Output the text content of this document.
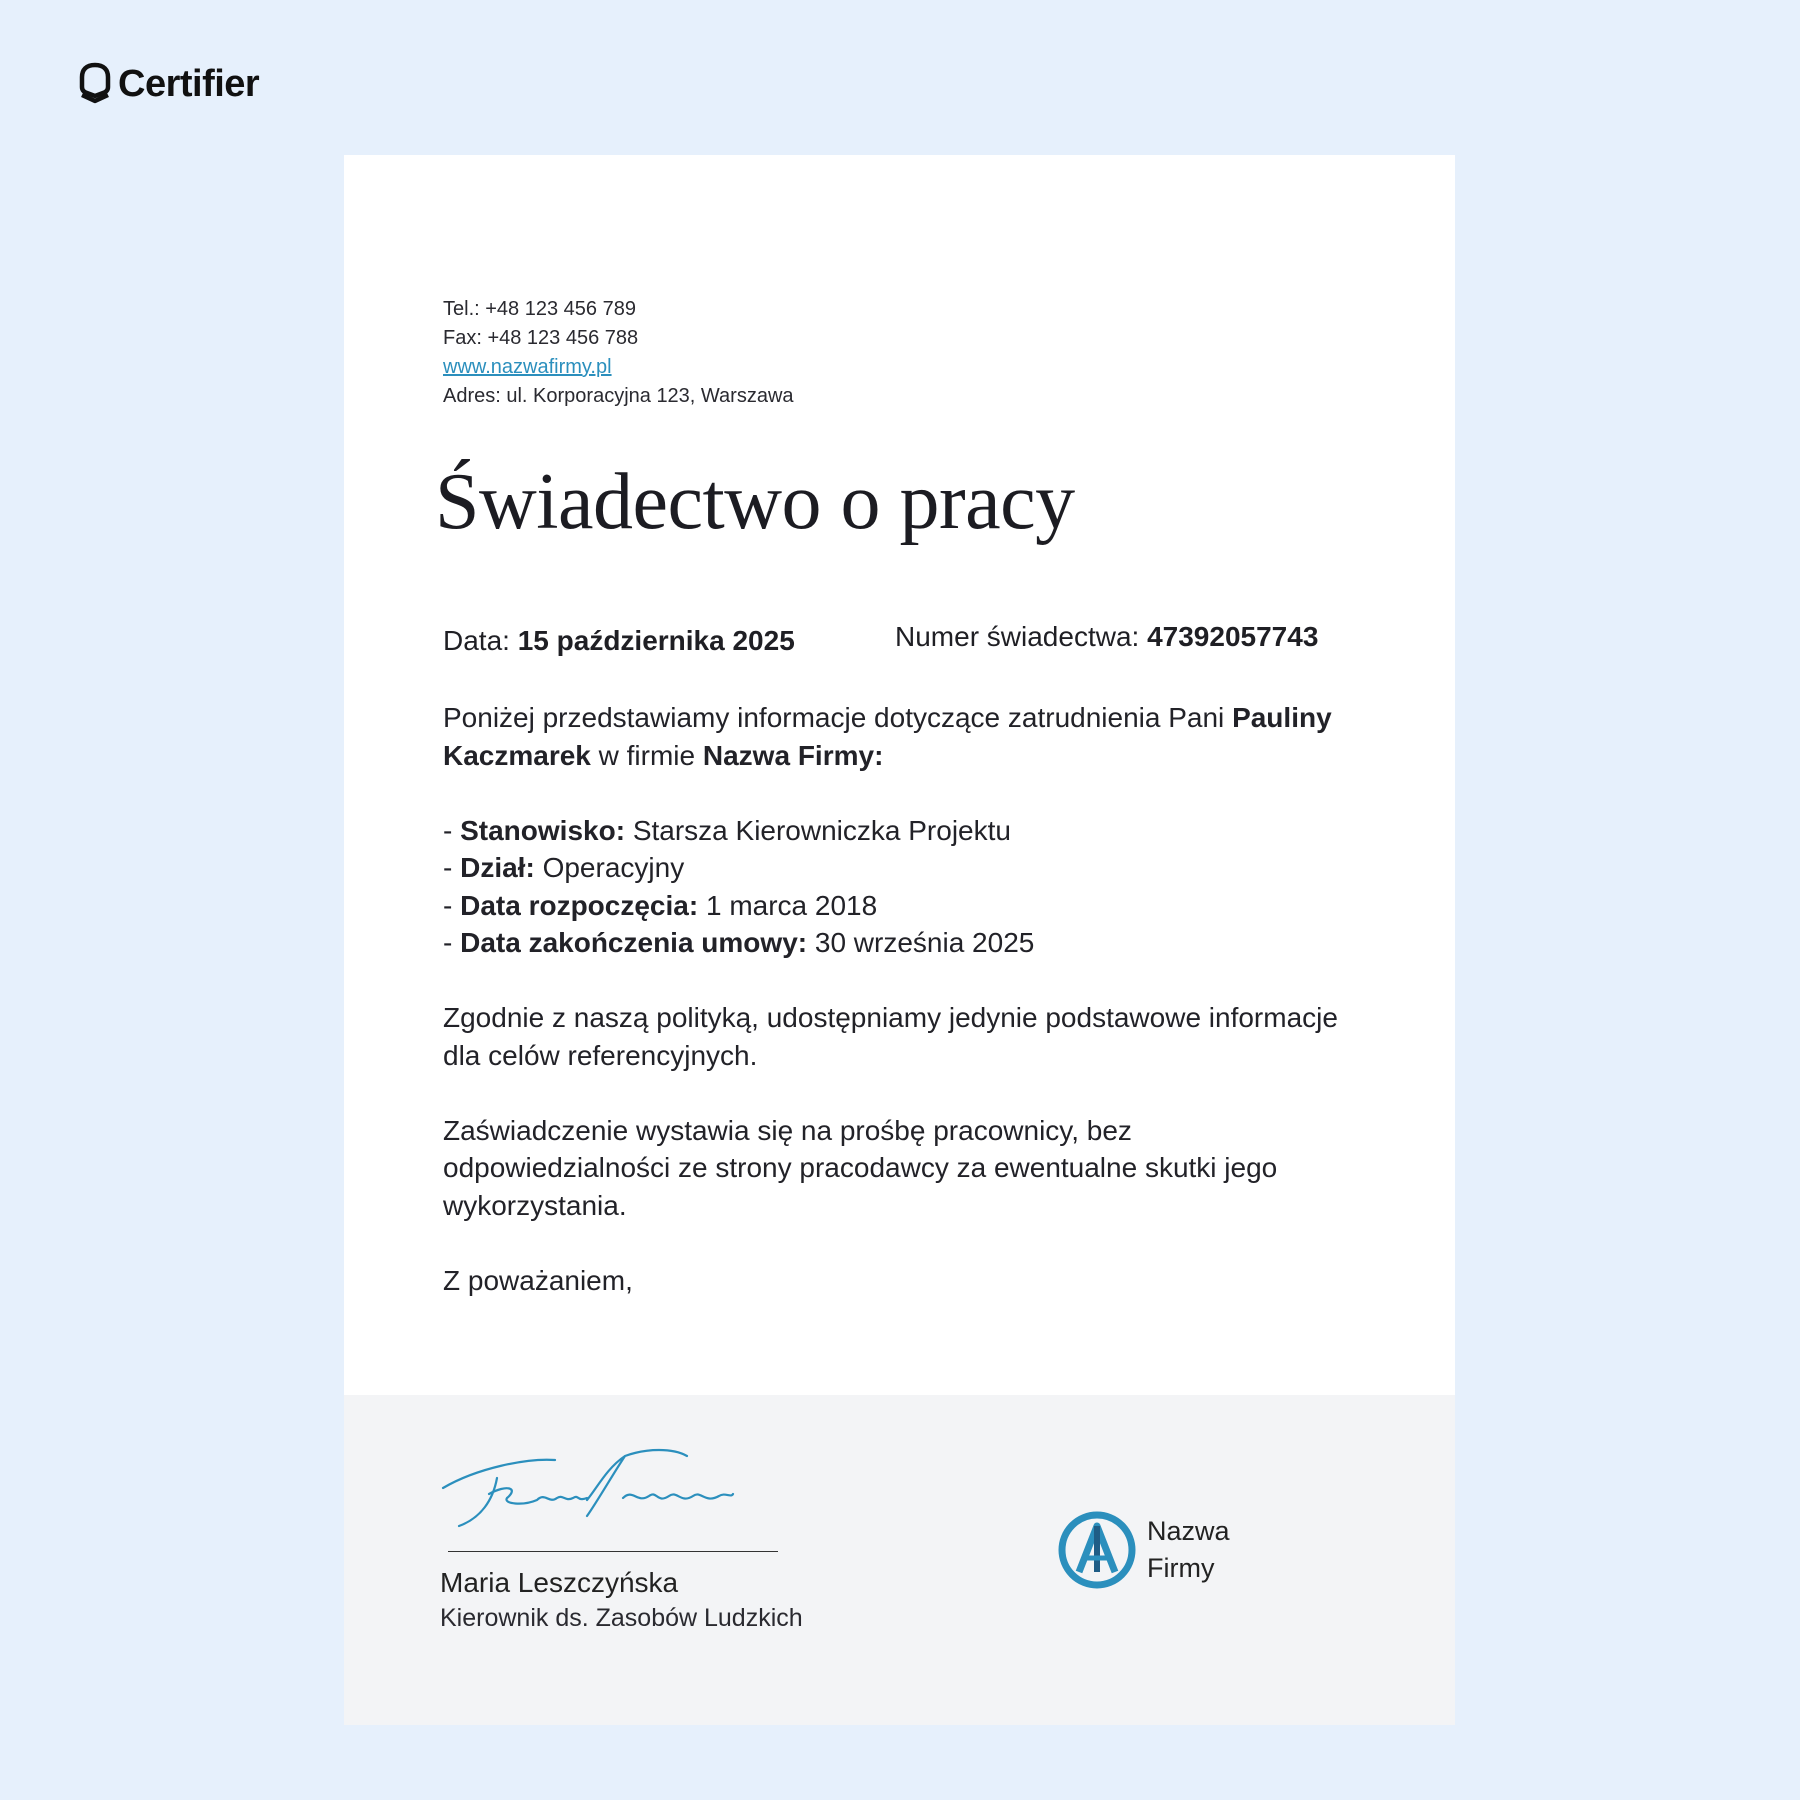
Certifier
Tel.: +48 123 456 789
Fax: +48 123 456 788
www.nazwafirmy.pl
Adres: ul. Korporacyjna 123, Warszawa
Świadectwo o pracy
Data: 15 października 2025	Numer świadectwa: 47392057743

Poniżej przedstawiamy informacje dotyczące zatrudnienia Pani Pauliny Kaczmarek w firmie Nazwa Firmy:

- Stanowisko: Starsza Kierowniczka Projektu
- Dział: Operacyjny
- Data rozpoczęcia: 1 marca 2018
- Data zakończenia umowy: 30 września 2025

Zgodnie z naszą polityką, udostępniamy jedynie podstawowe informacje dla celów referencyjnych.

Zaświadczenie wystawia się na prośbę pracownicy, bez odpowiedzialności ze strony pracodawcy za ewentualne skutki jego wykorzystania.

Z poważaniem,

Maria Leszczyńska
Kierownik ds. Zasobów Ludzkich
Nazwa
Firmy
